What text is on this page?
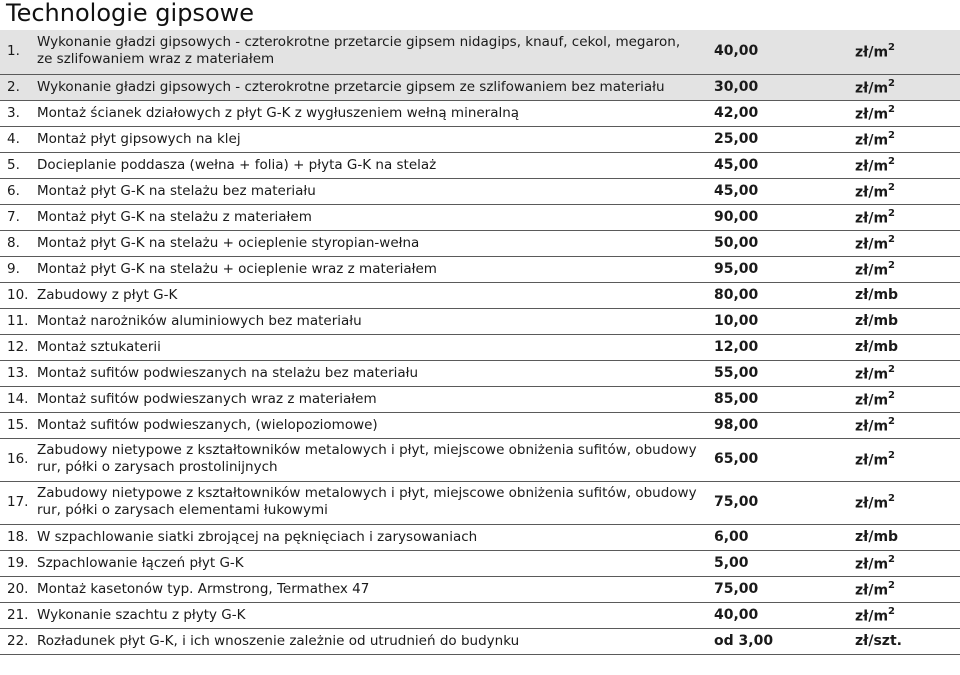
Technologie gipsowe
1.
Wykonanie gładzi gipsowych - czterokrotne przetarcie gipsem nidagips, knauf, cekol, megaron,
ze szlifowaniem wraz z materiałem	40,00	$zł/m^2$
2. Wykonanie gładzi gipsowych - czterokrotne przetarcie gipsem ze szlifowaniem bez materiału	30,00	$zł/m^2$
3. Montaż ścianek działowych z płyt G-K z wygłuszeniem wełną mineralną	42,00	$zł/m^2$
4. Montaż płyt gipsowych na klej	25,00	$zł/m^2$
5. Docieplanie poddasza (wełna + folia) + płyta G-K na stelaż	45,00	$zł/m^2$
6. Montaż płyt G-K na stelażu bez materiału	45,00	$zł/m^2$
7. Montaż płyt G-K na stelażu z materiałem	90,00	$zł/m^2$
8. Montaż płyt G-K na stelażu + ocieplenie styropian-wełna	50,00	$zł/m^2$
9. Montaż płyt G-K na stelażu + ocieplenie wraz z materiałem	95,00	$zł/m^2$
10. Zabudowy z płyt G-K	80,00	zł/mb
11. Montaż narożników aluminiowych bez materiału	10,00	zł/mb
12. Montaż sztukaterii	12,00	zł/mb
13. Montaż sufitów podwieszanych na stelażu bez materiału	55,00	$zł/m^2$
14. Montaż sufitów podwieszanych wraz z materiałem	85,00	$zł/m^2$
15. Montaż sufitów podwieszanych, (wielopoziomowe)	98,00	$zł/m^2$
16.
Zabudowy nietypowe z kształtowników metalowych i płyt, miejscowe obniżenia sufitów, obudowy
rur, półki o zarysach prostolinijnych	65,00	$zł/m^2$
17.
Zabudowy nietypowe z kształtowników metalowych i płyt, miejscowe obniżenia sufitów, obudowy
rur, półki o zarysach elementami łukowymi	75,00	$zł/m^2$
18. W szpachlowanie siatki zbrojącej na pęknięciach i zarysowaniach	6,00	zł/mb
19. Szpachlowanie łączeń płyt G-K	5,00	$zł/m^2$
20. Montaż kasetonów typ. Armstrong, Termathex 47	75,00	$zł/m^2$
21. Wykonanie szachtu z płyty G-K	40,00	$zł/m^2$
22. Rozładunek płyt G-K, i ich wnoszenie zależnie od utrudnień do budynku	od 3,00	zł/szt.
